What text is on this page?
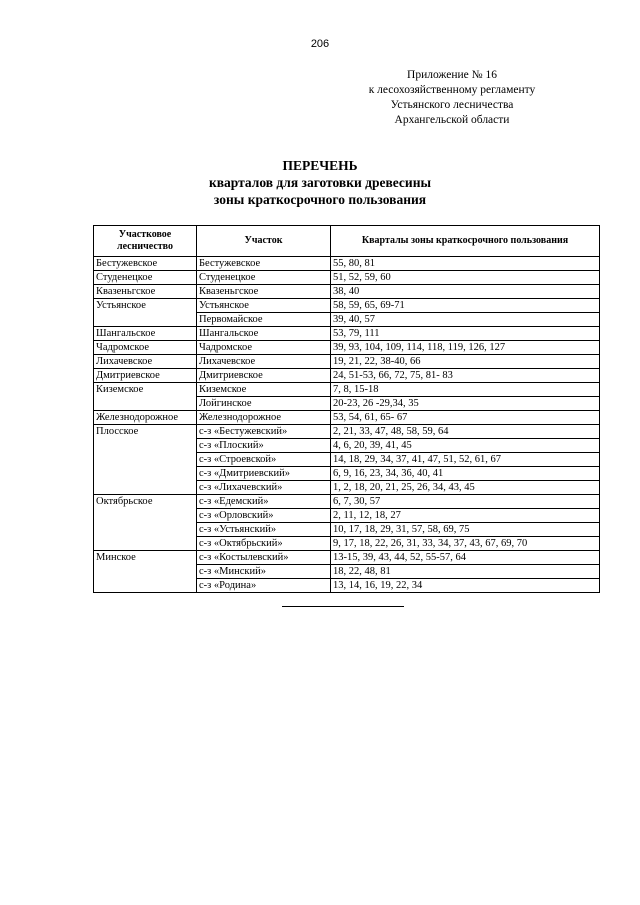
206
Приложение № 16
к лесохозяйственному регламенту
Устьянского лесничества
Архангельской области
ПЕРЕЧЕНЬ
кварталов для заготовки древесины
зоны краткосрочного пользования
Участковое лесничество	Участок	Кварталы зоны краткосрочного пользования
Бестужевское	Бестужевское	55, 80, 81
Студенецкое	Студенецкое	51, 52, 59, 60
Квазеньгское	Квазеньгское	38, 40
Устьянское	Устьянское	58, 59, 65, 69-71
	Первомайское	39, 40, 57
Шангальское	Шангальское	53, 79, 111
Чадромское	Чадромское	39, 93, 104, 109, 114, 118, 119, 126, 127
Лихачевское	Лихачевское	19, 21, 22, 38-40, 66
Дмитриевское	Дмитриевское	24, 51-53, 66, 72, 75, 81- 83
Киземское	Киземское	7, 8, 15-18
	Лойгинское	20-23, 26 -29,34, 35
Железнодорожное	Железнодорожное	53, 54, 61, 65- 67
Плосское	с-з «Бестужевский»	2, 21, 33, 47, 48, 58, 59, 64
	с-з «Плоский»	4, 6, 20, 39, 41, 45
	с-з «Строевской»	14, 18, 29, 34, 37, 41, 47, 51, 52, 61, 67
	с-з «Дмитриевский»	6, 9, 16, 23, 34, 36, 40, 41
	с-з «Лихачевский»	1, 2, 18, 20, 21, 25, 26, 34, 43, 45
Октябрьское	с-з «Едемский»	6, 7, 30, 57
	с-з «Орловский»	2, 11, 12, 18, 27
	с-з «Устьянский»	10, 17, 18, 29, 31, 57, 58, 69, 75
	с-з «Октябрьский»	9, 17, 18, 22, 26, 31, 33, 34, 37, 43, 67, 69, 70
Минское	с-з «Костылевский»	13-15, 39, 43, 44, 52, 55-57, 64
	с-з «Минский»	18, 22, 48, 81
	с-з «Родина»	13, 14, 16, 19, 22, 34
